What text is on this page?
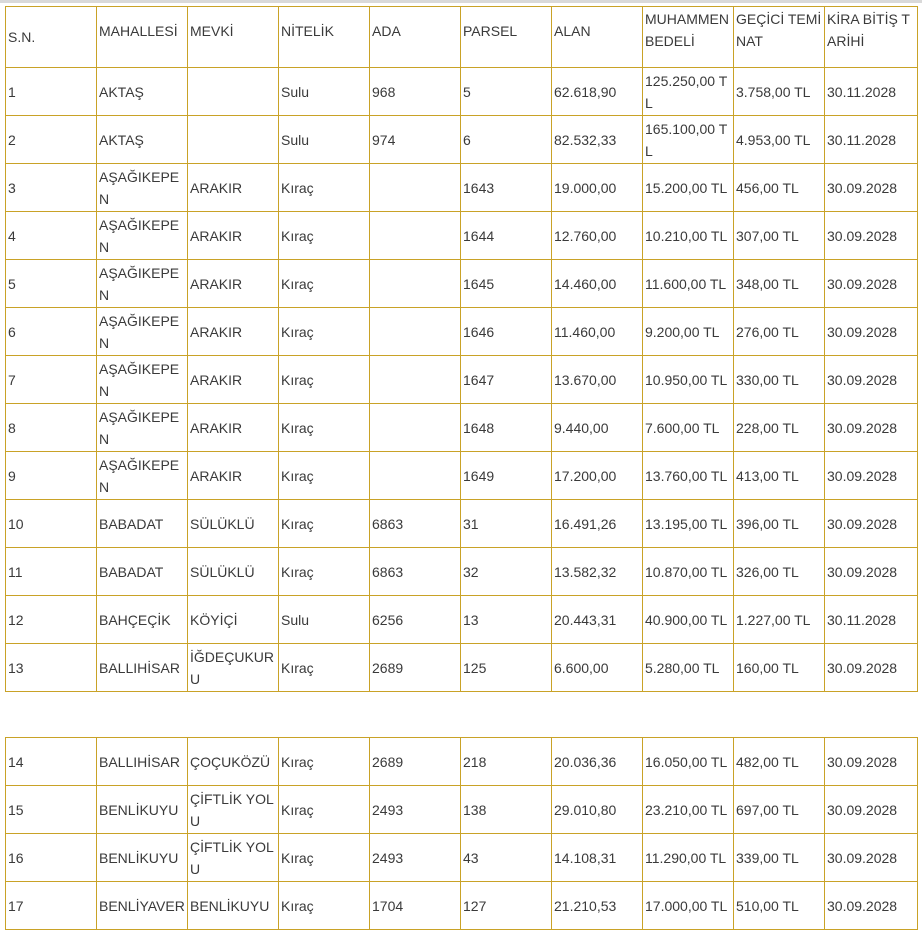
S.N.	MAHALLESİ	MEVKİ	NİTELİK	ADA	PARSEL	ALAN	MUHAMMEN BEDELİ	GEÇİCİ TEMİNAT	KİRA BİTİŞ TARİHİ

1	AKTAŞ		Sulu	968	5	62.618,90	125.250,00 TL	3.758,00 TL	30.11.2028
2	AKTAŞ		Sulu	974	6	82.532,33	165.100,00 TL	4.953,00 TL	30.11.2028
3	AŞAĞIKEPEN	ARAKIR	Kıraç		1643	19.000,00	15.200,00 TL	456,00 TL	30.09.2028
4	AŞAĞIKEPEN	ARAKIR	Kıraç		1644	12.760,00	10.210,00 TL	307,00 TL	30.09.2028
5	AŞAĞIKEPEN	ARAKIR	Kıraç		1645	14.460,00	11.600,00 TL	348,00 TL	30.09.2028
6	AŞAĞIKEPEN	ARAKIR	Kıraç		1646	11.460,00	9.200,00 TL	276,00 TL	30.09.2028
7	AŞAĞIKEPEN	ARAKIR	Kıraç		1647	13.670,00	10.950,00 TL	330,00 TL	30.09.2028
8	AŞAĞIKEPEN	ARAKIR	Kıraç		1648	9.440,00	7.600,00 TL	228,00 TL	30.09.2028
9	AŞAĞIKEPEN	ARAKIR	Kıraç		1649	17.200,00	13.760,00 TL	413,00 TL	30.09.2028
10	BABADAT	SÜLÜKLÜ	Kıraç	6863	31	16.491,26	13.195,00 TL	396,00 TL	30.09.2028
11	BABADAT	SÜLÜKLÜ	Kıraç	6863	32	13.582,32	10.870,00 TL	326,00 TL	30.09.2028
12	BAHÇEÇİK	KÖYİÇİ	Sulu	6256	13	20.443,31	40.900,00 TL	1.227,00 TL	30.11.2028
13	BALLIHİSAR	İĞDEÇUKURU	Kıraç	2689	125	6.600,00	5.280,00 TL	160,00 TL	30.09.2028
14	BALLIHİSAR	ÇOÇUKÖZÜ	Kıraç	2689	218	20.036,36	16.050,00 TL	482,00 TL	30.09.2028
15	BENLİKUYU	ÇİFTLİK YOLU	Kıraç	2493	138	29.010,80	23.210,00 TL	697,00 TL	30.09.2028
16	BENLİKUYU	ÇİFTLİK YOLU	Kıraç	2493	43	14.108,31	11.290,00 TL	339,00 TL	30.09.2028
17	BENLİYAVER	BENLİKUYU	Kıraç	1704	127	21.210,53	17.000,00 TL	510,00 TL	30.09.2028
